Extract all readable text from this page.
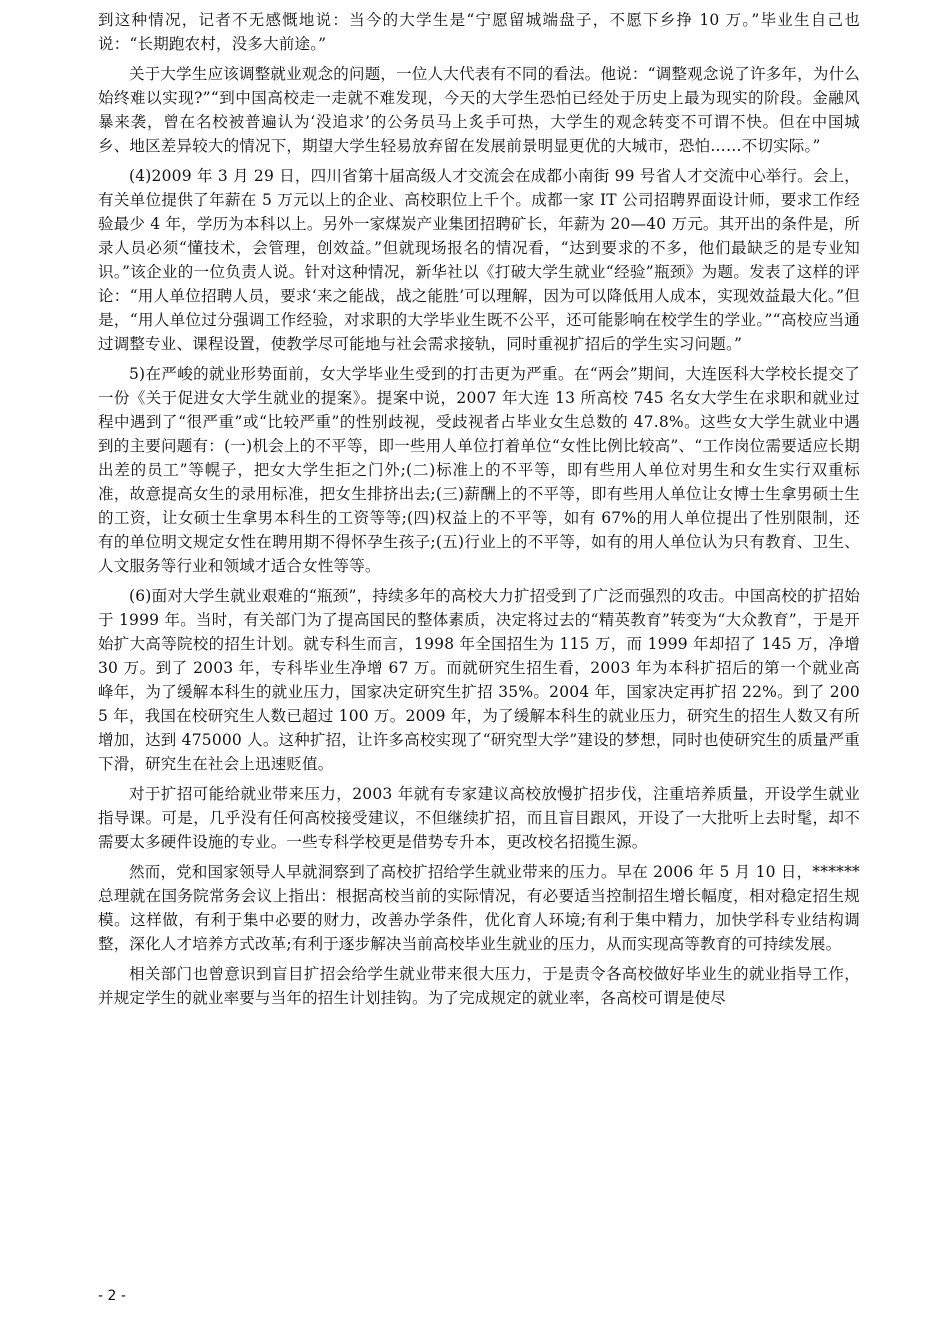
到这种情况，记者不无感慨地说：当今的大学生是“宁愿留城端盘子，不愿下乡挣 10 万。”毕业生自己也说：“长期跑农村，没多大前途。”

关于大学生应该调整就业观念的问题，一位人大代表有不同的看法。他说：“调整观念说了许多年，为什么始终难以实现?”“到中国高校走一走就不难发现，今天的大学生恐怕已经处于历史上最为现实的阶段。金融风暴来袭，曾在名校被普遍认为‘没追求’的公务员马上炙手可热，大学生的观念转变不可谓不快。但在中国城乡、地区差异较大的情况下，期望大学生轻易放弃留在发展前景明显更优的大城市，恐怕……不切实际。”

(4)2009 年 3 月 29 日，四川省第十届高级人才交流会在成都小南街 99 号省人才交流中心举行。会上，有关单位提供了年薪在 5 万元以上的企业、高校职位上千个。成都一家 IT 公司招聘界面设计师，要求工作经验最少 4 年，学历为本科以上。另外一家煤炭产业集团招聘矿长，年薪为 20—40 万元。其开出的条件是，所录人员必须“懂技术，会管理，创效益。”但就现场报名的情况看，“达到要求的不多，他们最缺乏的是专业知识。”该企业的一位负责人说。针对这种情况，新华社以《打破大学生就业“经验”瓶颈》为题。发表了这样的评论：“用人单位招聘人员，要求‘来之能战，战之能胜’可以理解，因为可以降低用人成本，实现效益最大化。”但是，“用人单位过分强调工作经验，对求职的大学毕业生既不公平，还可能影响在校学生的学业。”“高校应当通过调整专业、课程设置，使教学尽可能地与社会需求接轨，同时重视扩招后的学生实习问题。”

5)在严峻的就业形势面前，女大学毕业生受到的打击更为严重。在“两会”期间，大连医科大学校长提交了一份《关于促进女大学生就业的提案》。提案中说，2007 年大连 13 所高校 745 名女大学生在求职和就业过程中遇到了“很严重”或“比较严重”的性别歧视，受歧视者占毕业女生总数的 47.8%。这些女大学生就业中遇到的主要问题有：(一)机会上的不平等，即一些用人单位打着单位“女性比例比较高”、“工作岗位需要适应长期出差的员工”等幌子，把女大学生拒之门外;(二)标准上的不平等，即有些用人单位对男生和女生实行双重标准，故意提高女生的录用标准，把女生排挤出去;(三)薪酬上的不平等，即有些用人单位让女博士生拿男硕士生的工资，让女硕士生拿男本科生的工资等等;(四)权益上的不平等，如有 67%的用人单位提出了性别限制，还有的单位明文规定女性在聘用期不得怀孕生孩子;(五)行业上的不平等，如有的用人单位认为只有教育、卫生、人文服务等行业和领域才适合女性等等。

(6)面对大学生就业艰难的“瓶颈”，持续多年的高校大力扩招受到了广泛而强烈的攻击。中国高校的扩招始于 1999 年。当时，有关部门为了提高国民的整体素质，决定将过去的“精英教育”转变为“大众教育”，于是开始扩大高等院校的招生计划。就专科生而言，1998 年全国招生为 115 万，而 1999 年却招了 145 万，净增 30 万。到了 2003 年，专科毕业生净增 67 万。而就研究生招生看，2003 年为本科扩招后的第一个就业高峰年，为了缓解本科生的就业压力，国家决定研究生扩招 35%。2004 年，国家决定再扩招 22%。到了 2005 年，我国在校研究生人数已超过 100 万。2009 年，为了缓解本科生的就业压力，研究生的招生人数又有所增加，达到 475000 人。这种扩招，让许多高校实现了“研究型大学”建设的梦想，同时也使研究生的质量严重下滑，研究生在社会上迅速贬值。

对于扩招可能给就业带来压力，2003 年就有专家建议高校放慢扩招步伐，注重培养质量，开设学生就业指导课。可是，几乎没有任何高校接受建议，不但继续扩招，而且盲目跟风，开设了一大批听上去时髦，却不需要太多硬件设施的专业。一些专科学校更是借势专升本，更改校名招揽生源。

然而，党和国家领导人早就洞察到了高校扩招给学生就业带来的压力。早在 2006 年 5 月 10 日，******总理就在国务院常务会议上指出：根据高校当前的实际情况，有必要适当控制招生增长幅度，相对稳定招生规模。这样做，有利于集中必要的财力，改善办学条件，优化育人环境;有利于集中精力，加快学科专业结构调整，深化人才培养方式改革;有利于逐步解决当前高校毕业生就业的压力，从而实现高等教育的可持续发展。

相关部门也曾意识到盲目扩招会给学生就业带来很大压力，于是责令各高校做好毕业生的就业指导工作，并规定学生的就业率要与当年的招生计划挂钩。为了完成规定的就业率，各高校可谓是使尽

- 2 -
